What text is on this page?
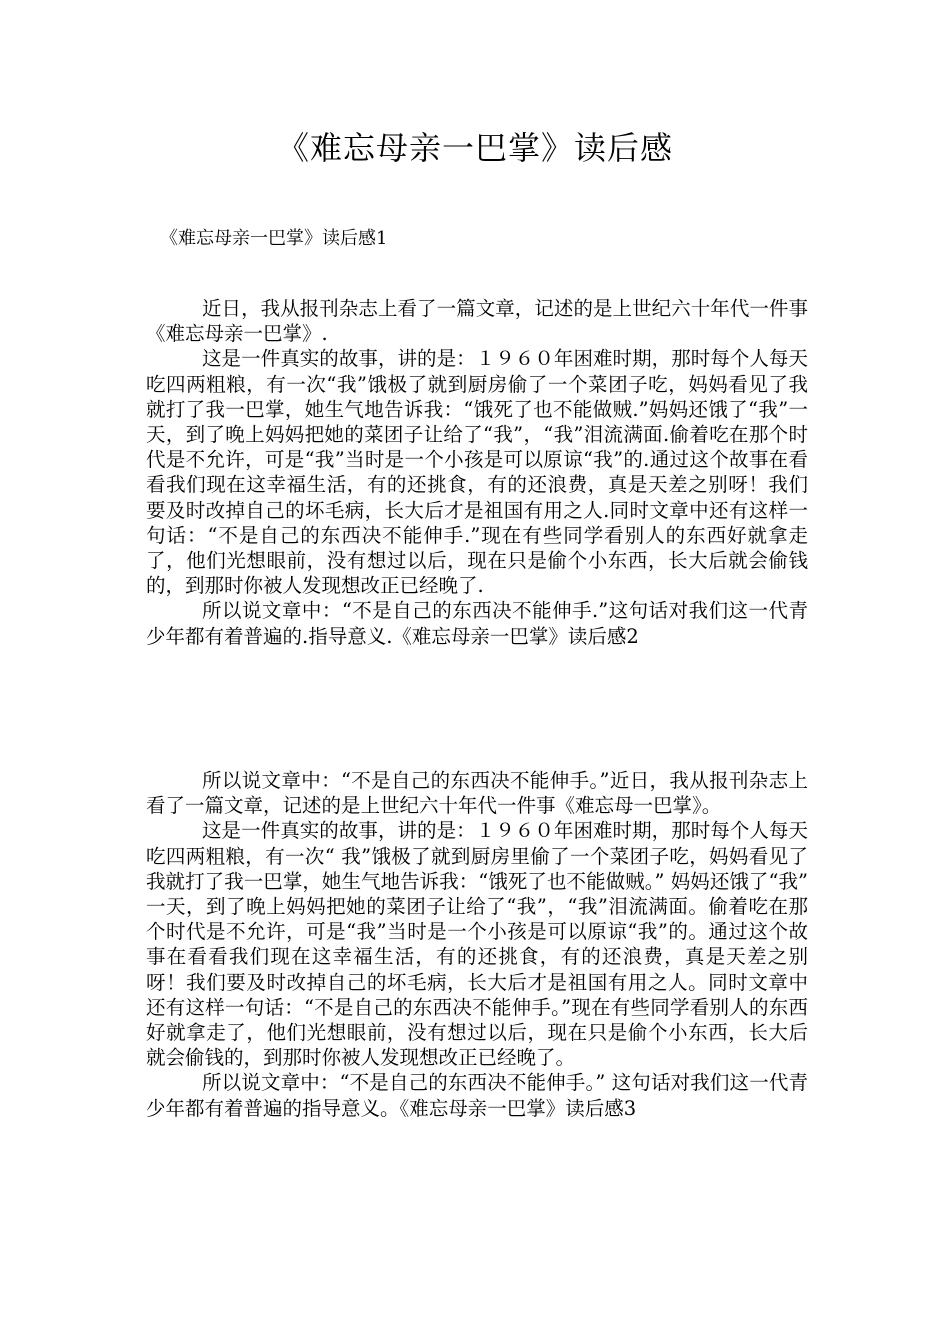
《难忘母亲一巴掌》读后感
《难忘母亲一巴掌》读后感1

近日，我从报刊杂志上看了一篇文章，记述的是上世纪六十年代一件事《难忘母亲一巴掌》.

这是一件真实的故事，讲的是：１９６０年困难时期，那时每个人每天吃四两粗粮，有一次“我”饿极了就到厨房偷了一个菜团子吃，妈妈看见了我就打了我一巴掌，她生气地告诉我：“饿死了也不能做贼.”妈妈还饿了“我”一天，到了晚上妈妈把她的菜团子让给了“我”，“我”泪流满面.偷着吃在那个时代是不允许，可是“我”当时是一个小孩是可以原谅“我”的.通过这个故事在看看我们现在这幸福生活，有的还挑食，有的还浪费，真是天差之别呀！我们要及时改掉自己的坏毛病，长大后才是祖国有用之人.同时文章中还有这样一句话：“不是自己的东西决不能伸手.”现在有些同学看别人的东西好就拿走了，他们光想眼前，没有想过以后，现在只是偷个小东西，长大后就会偷钱的，到那时你被人发现想改正已经晚了.

所以说文章中：“不是自己的东西决不能伸手.”这句话对我们这一代青少年都有着普遍的.指导意义.《难忘母亲一巴掌》读后感2

所以说文章中：“不是自己的东西决不能伸手。”近日，我从报刊杂志上看了一篇文章，记述的是上世纪六十年代一件事《难忘母一巴掌》。

这是一件真实的故事，讲的是：１９６０年困难时期，那时每个人每天吃四两粗粮，有一次“ 我”饿极了就到厨房里偷了一个菜团子吃，妈妈看见了我就打了我一巴掌，她生气地告诉我：“饿死了也不能做贼。” 妈妈还饿了“我” 一天，到了晚上妈妈把她的菜团子让给了“我”，“我”泪流满面。偷着吃在那个时代是不允许，可是“我”当时是一个小孩是可以原谅“我”的。通过这个故事在看看我们现在这幸福生活，有的还挑食，有的还浪费，真是天差之别呀！我们要及时改掉自己的坏毛病，长大后才是祖国有用之人。同时文章中还有这样一句话：“不是自己的东西决不能伸手。”现在有些同学看别人的东西好就拿走了，他们光想眼前，没有想过以后，现在只是偷个小东西，长大后就会偷钱的，到那时你被人发现想改正已经晚了。

所以说文章中：“不是自己的东西决不能伸手。” 这句话对我们这一代青少年都有着普遍的指导意义。《难忘母亲一巴掌》读后感3
